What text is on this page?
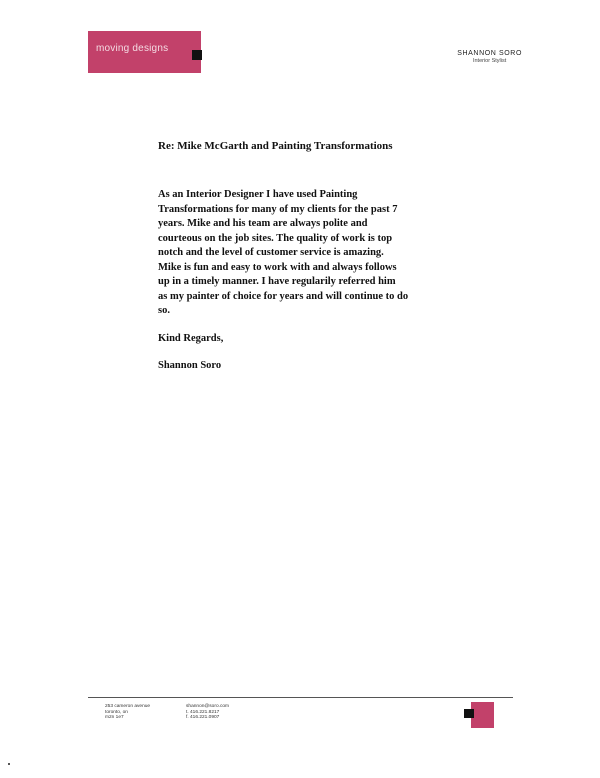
moving designs	SHANNON SORO
Interior Stylist

Re: Mike McGarth and Painting Transformations

As an Interior Designer I have used Painting
Transformations for many of my clients for the past 7
years. Mike and his team are always polite and
courteous on the job sites. The quality of work is top
notch and the level of customer service is amazing.
Mike is fun and easy to work with and always follows
up in a timely manner. I have regularily referred him
as my painter of choice for years and will continue to do
so.

Kind Regards,

Shannon Soro

253 cameron avenue
toronto, on
m2n 1e7
shannon@soro.com
t. 416.221.8217
f. 416.221.0907
